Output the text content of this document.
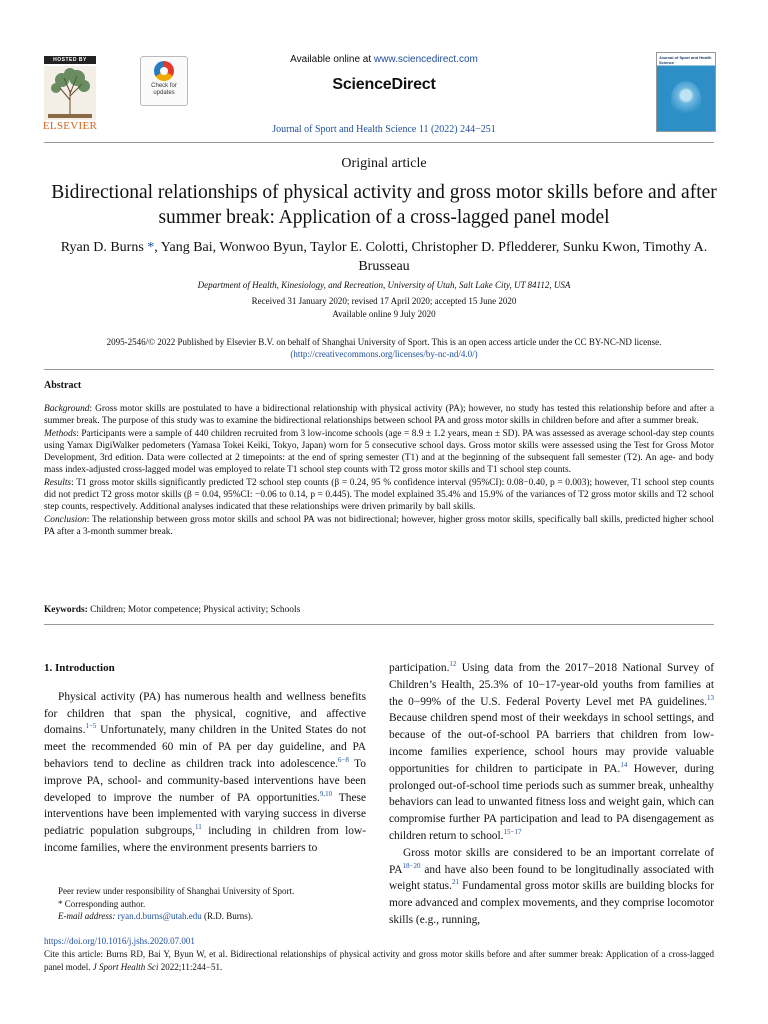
HOSTED BY
ELSEVIER
Check for updates
Available online at www.sciencedirect.com
ScienceDirect
Journal of Sport and Health Science 11 (2022) 244−251
Journal of Sport and Health Science
Original article
Bidirectional relationships of physical activity and gross motor skills before and after summer break: Application of a cross-lagged panel model
Ryan D. Burns *, Yang Bai, Wonwoo Byun, Taylor E. Colotti, Christopher D. Pfledderer, Sunku Kwon, Timothy A. Brusseau
Department of Health, Kinesiology, and Recreation, University of Utah, Salt Lake City, UT 84112, USA
Received 31 January 2020; revised 17 April 2020; accepted 15 June 2020
Available online 9 July 2020
2095-2546/© 2022 Published by Elsevier B.V. on behalf of Shanghai University of Sport. This is an open access article under the CC BY-NC-ND license.
(http://creativecommons.org/licenses/by-nc-nd/4.0/)
Abstract

Background: Gross motor skills are postulated to have a bidirectional relationship with physical activity (PA); however, no study has tested this relationship before and after a summer break. The purpose of this study was to examine the bidirectional relationships between school PA and gross motor skills in children before and after a summer break.

Methods: Participants were a sample of 440 children recruited from 3 low-income schools (age = 8.9 ± 1.2 years, mean ± SD). PA was assessed as average school-day step counts using Yamax DigiWalker pedometers (Yamasa Tokei Keiki, Tokyo, Japan) worn for 5 consecutive school days. Gross motor skills were assessed using the Test for Gross Motor Development, 3rd edition. Data were collected at 2 timepoints: at the end of spring semester (T1) and at the beginning of the subsequent fall semester (T2). An age- and body mass index-adjusted cross-lagged model was employed to relate T1 school step counts with T2 gross motor skills and T1 school step counts.

Results: T1 gross motor skills significantly predicted T2 school step counts (β = 0.24, 95 % confidence interval (95%CI): 0.08−0.40, p = 0.003); however, T1 school step counts did not predict T2 gross motor skills (β = 0.04, 95%CI: −0.06 to 0.14, p = 0.445). The model explained 35.4% and 15.9% of the variances of T2 gross motor skills and T2 school step counts, respectively. Additional analyses indicated that these relationships were driven primarily by ball skills.

Conclusion: The relationship between gross motor skills and school PA was not bidirectional; however, higher gross motor skills, specifically ball skills, predicted higher school PA after a 3-month summer break.

Keywords: Children; Motor competence; Physical activity; Schools

1. Introduction

Physical activity (PA) has numerous health and wellness benefits for children that span the physical, cognitive, and affective domains.$^{1-5}$ Unfortunately, many children in the United States do not meet the recommended 60 min of PA per day guideline, and PA behaviors tend to decline as children track into adolescence.$^{6-8}$ To improve PA, school- and community-based interventions have been developed to improve the number of PA opportunities.$^{9,10}$ These interventions have been implemented with varying success in diverse pediatric population subgroups,$^{11}$ including in children from low-income families, where the environment presents barriers to

participation.$^{12}$ Using data from the 2017−2018 National Survey of Children’s Health, 25.3% of 10−17-year-old youths from families at the 0−99% of the U.S. Federal Poverty Level met PA guidelines.$^{13}$ Because children spend most of their weekdays in school settings, and because of the out-of-school PA barriers that children from low-income families experience, school hours may provide valuable opportunities for children to participate in PA.$^{14}$ However, during prolonged out-of-school time periods such as summer break, unhealthy behaviors can lead to unwanted fitness loss and weight gain, which can compromise further PA participation and lead to PA disengagement as children return to school.$^{15-17}$

Gross motor skills are considered to be an important correlate of $PA^{18-20}$ and have also been found to be longitudinally associated with weight status.$^{21}$ Fundamental gross motor skills are building blocks for more advanced and complex movements, and they comprise locomotor skills (e.g., running,

Peer review under responsibility of Shanghai University of Sport.

* Corresponding author.

E-mail address: ryan.d.burns@utah.edu (R.D. Burns).

https://doi.org/10.1016/j.jshs.2020.07.001
Cite this article: Burns RD, Bai Y, Byun W, et al. Bidirectional relationships of physical activity and gross motor skills before and after summer break: Application of a cross-lagged panel model. J Sport Health Sci 2022;11:244−51.
